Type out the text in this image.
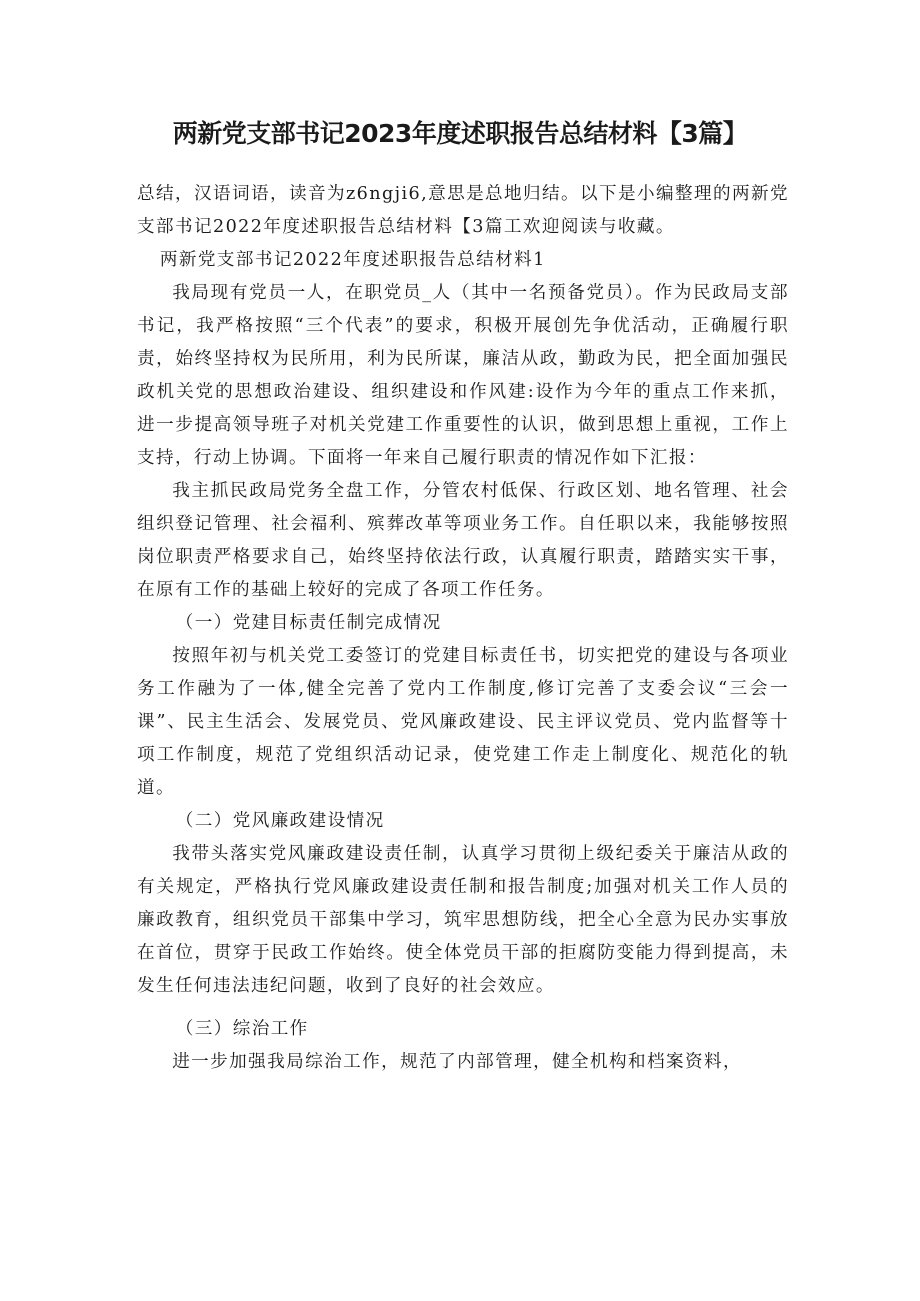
两新党支部书记2023年度述职报告总结材料【3篇】

总结，汉语词语，读音为z6ngji6,意思是总地归结。以下是小编整理的两新党支部书记2022年度述职报告总结材料【3篇工欢迎阅读与收藏。

两新党支部书记2022年度述职报告总结材料1

我局现有党员一人，在职党员_人（其中一名预备党员）。作为民政局支部书记，我严格按照“三个代表”的要求，积极开展创先争优活动，正确履行职责，始终坚持权为民所用，利为民所谋，廉洁从政，勤政为民，把全面加强民政机关党的思想政治建设、组织建设和作风建:设作为今年的重点工作来抓，进一步提高领导班子对机关党建工作重要性的认识，做到思想上重视，工作上支持，行动上协调。下面将一年来自己履行职责的情况作如下汇报：

我主抓民政局党务全盘工作，分管农村低保、行政区划、地名管理、社会组织登记管理、社会福利、殡葬改革等项业务工作。自任职以来，我能够按照岗位职责严格要求自己，始终坚持依法行政，认真履行职责，踏踏实实干事，在原有工作的基础上较好的完成了各项工作任务。

（一）党建目标责任制完成情况

按照年初与机关党工委签订的党建目标责任书，切实把党的建设与各项业务工作融为了一体,健全完善了党内工作制度,修订完善了支委会议“三会一课”、民主生活会、发展党员、党风廉政建设、民主评议党员、党内监督等十项工作制度，规范了党组织活动记录，使党建工作走上制度化、规范化的轨道。

（二）党风廉政建设情况

我带头落实党风廉政建设责任制，认真学习贯彻上级纪委关于廉洁从政的有关规定，严格执行党风廉政建设责任制和报告制度;加强对机关工作人员的廉政教育，组织党员干部集中学习，筑牢思想防线，把全心全意为民办实事放在首位，贯穿于民政工作始终。使全体党员干部的拒腐防变能力得到提高，未发生任何违法违纪问题，收到了良好的社会效应。

（三）综治工作

进一步加强我局综治工作，规范了内部管理，健全机构和档案资料，
